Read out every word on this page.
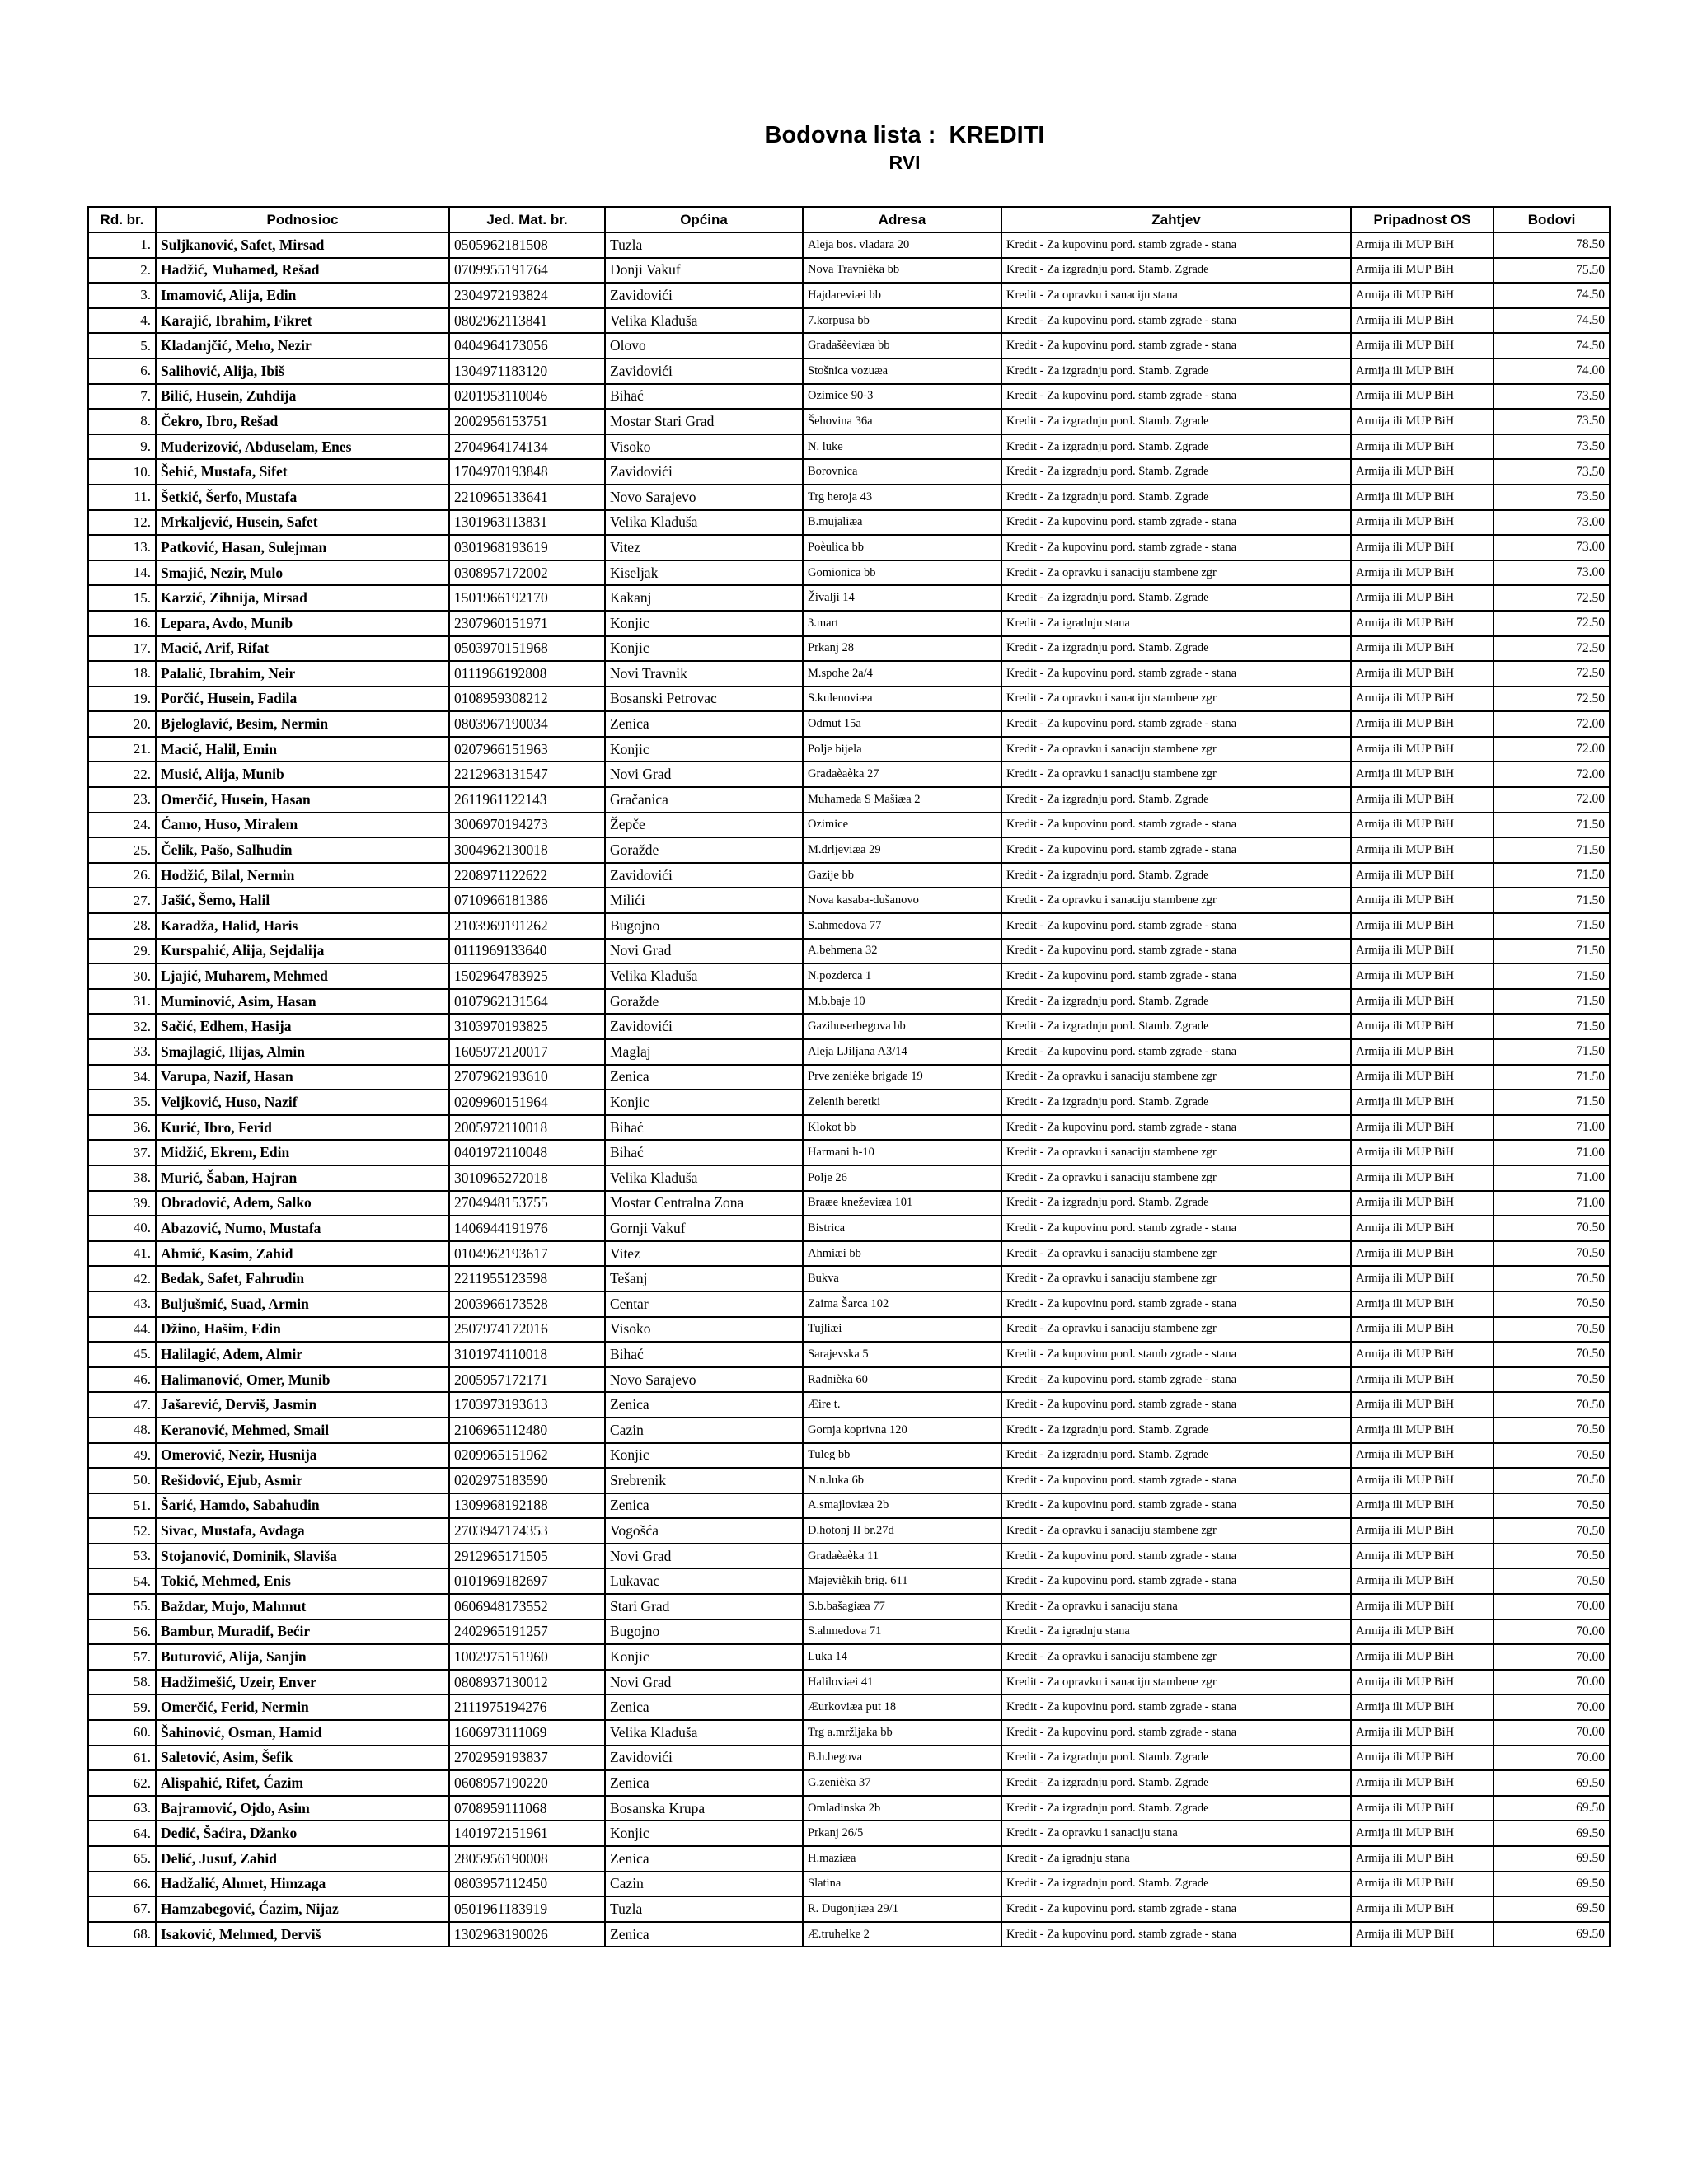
Bodovna lista :  KREDITI
RVI
Rd. br.	Podnosioc	Jed. Mat. br.	Općina	Adresa	Zahtjev	Pripadnost OS	Bodovi
1.	Suljkanović, Safet, Mirsad	0505962181508	Tuzla	Aleja bos. vladara 20	Kredit - Za kupovinu pord. stamb zgrade - stana	Armija ili MUP BiH	78.50
2.	Hadžić, Muhamed, Rešad	0709955191764	Donji Vakuf	Nova Travnièka bb	Kredit - Za izgradnju pord. Stamb. Zgrade	Armija ili MUP BiH	75.50
3.	Imamović, Alija, Edin	2304972193824	Zavidovići	Hajdareviæi bb	Kredit - Za opravku i sanaciju stana	Armija ili MUP BiH	74.50
4.	Karajić, Ibrahim, Fikret	0802962113841	Velika Kladuša	7.korpusa bb	Kredit - Za kupovinu pord. stamb zgrade - stana	Armija ili MUP BiH	74.50
5.	Kladanjčić, Meho, Nezir	0404964173056	Olovo	Gradašèeviæa bb	Kredit - Za kupovinu pord. stamb zgrade - stana	Armija ili MUP BiH	74.50
6.	Salihović, Alija, Ibiš	1304971183120	Zavidovići	Stošnica vozuæa	Kredit - Za izgradnju pord. Stamb. Zgrade	Armija ili MUP BiH	74.00
7.	Bilić, Husein, Zuhdija	0201953110046	Bihać	Ozimice 90-3	Kredit - Za kupovinu pord. stamb zgrade - stana	Armija ili MUP BiH	73.50
8.	Čekro, Ibro, Rešad	2002956153751	Mostar Stari Grad	Šehovina 36a	Kredit - Za izgradnju pord. Stamb. Zgrade	Armija ili MUP BiH	73.50
9.	Muderizović, Abduselam, Enes	2704964174134	Visoko	N. luke	Kredit - Za izgradnju pord. Stamb. Zgrade	Armija ili MUP BiH	73.50
10.	Šehić, Mustafa, Sifet	1704970193848	Zavidovići	Borovnica	Kredit - Za izgradnju pord. Stamb. Zgrade	Armija ili MUP BiH	73.50
11.	Šetkić, Šerfo, Mustafa	2210965133641	Novo Sarajevo	Trg heroja 43	Kredit - Za izgradnju pord. Stamb. Zgrade	Armija ili MUP BiH	73.50
12.	Mrkaljević, Husein, Safet	1301963113831	Velika Kladuša	B.mujaliæa	Kredit - Za kupovinu pord. stamb zgrade - stana	Armija ili MUP BiH	73.00
13.	Patković, Hasan, Sulejman	0301968193619	Vitez	Poèulica bb	Kredit - Za kupovinu pord. stamb zgrade - stana	Armija ili MUP BiH	73.00
14.	Smajić, Nezir, Mulo	0308957172002	Kiseljak	Gomionica bb	Kredit - Za opravku i sanaciju stambene zgr	Armija ili MUP BiH	73.00
15.	Karzić, Zihnija, Mirsad	1501966192170	Kakanj	Živalji 14	Kredit - Za izgradnju pord. Stamb. Zgrade	Armija ili MUP BiH	72.50
16.	Lepara, Avdo, Munib	2307960151971	Konjic	3.mart	Kredit - Za igradnju stana	Armija ili MUP BiH	72.50
17.	Macić, Arif, Rifat	0503970151968	Konjic	Prkanj 28	Kredit - Za izgradnju pord. Stamb. Zgrade	Armija ili MUP BiH	72.50
18.	Palalić, Ibrahim, Neir	0111966192808	Novi Travnik	M.spohe 2a/4	Kredit - Za kupovinu pord. stamb zgrade - stana	Armija ili MUP BiH	72.50
19.	Porčić, Husein, Fadila	0108959308212	Bosanski Petrovac	S.kulenoviæa	Kredit - Za opravku i sanaciju stambene zgr	Armija ili MUP BiH	72.50
20.	Bjeloglavić, Besim, Nermin	0803967190034	Zenica	Odmut 15a	Kredit - Za kupovinu pord. stamb zgrade - stana	Armija ili MUP BiH	72.00
21.	Macić, Halil, Emin	0207966151963	Konjic	Polje bijela	Kredit - Za opravku i sanaciju stambene zgr	Armija ili MUP BiH	72.00
22.	Musić, Alija, Munib	2212963131547	Novi Grad	Gradaèaèka 27	Kredit - Za opravku i sanaciju stambene zgr	Armija ili MUP BiH	72.00
23.	Omerčić, Husein, Hasan	2611961122143	Gračanica	Muhameda S Mašiæa 2	Kredit - Za izgradnju pord. Stamb. Zgrade	Armija ili MUP BiH	72.00
24.	Ćamo, Huso, Miralem	3006970194273	Žepče	Ozimice	Kredit - Za kupovinu pord. stamb zgrade - stana	Armija ili MUP BiH	71.50
25.	Čelik, Pašo, Salhudin	3004962130018	Goražde	M.drljeviæa 29	Kredit - Za kupovinu pord. stamb zgrade - stana	Armija ili MUP BiH	71.50
26.	Hodžić, Bilal, Nermin	2208971122622	Zavidovići	Gazije bb	Kredit - Za izgradnju pord. Stamb. Zgrade	Armija ili MUP BiH	71.50
27.	Jašić, Šemo, Halil	0710966181386	Milići	Nova kasaba-dušanovo	Kredit - Za opravku i sanaciju stambene zgr	Armija ili MUP BiH	71.50
28.	Karadža, Halid, Haris	2103969191262	Bugojno	S.ahmedova 77	Kredit - Za kupovinu pord. stamb zgrade - stana	Armija ili MUP BiH	71.50
29.	Kurspahić, Alija, Sejdalija	0111969133640	Novi Grad	A.behmena 32	Kredit - Za kupovinu pord. stamb zgrade - stana	Armija ili MUP BiH	71.50
30.	Ljajić, Muharem, Mehmed	1502964783925	Velika Kladuša	N.pozderca 1	Kredit - Za kupovinu pord. stamb zgrade - stana	Armija ili MUP BiH	71.50
31.	Muminović, Asim, Hasan	0107962131564	Goražde	M.b.baje 10	Kredit - Za izgradnju pord. Stamb. Zgrade	Armija ili MUP BiH	71.50
32.	Sačić, Edhem, Hasija	3103970193825	Zavidovići	Gazihuserbegova bb	Kredit - Za izgradnju pord. Stamb. Zgrade	Armija ili MUP BiH	71.50
33.	Smajlagić, Ilijas, Almin	1605972120017	Maglaj	Aleja LJiljana A3/14	Kredit - Za kupovinu pord. stamb zgrade - stana	Armija ili MUP BiH	71.50
34.	Varupa, Nazif, Hasan	2707962193610	Zenica	Prve zenièke brigade 19	Kredit - Za opravku i sanaciju stambene zgr	Armija ili MUP BiH	71.50
35.	Veljković, Huso, Nazif	0209960151964	Konjic	Zelenih beretki	Kredit - Za izgradnju pord. Stamb. Zgrade	Armija ili MUP BiH	71.50
36.	Kurić, Ibro, Ferid	2005972110018	Bihać	Klokot bb	Kredit - Za kupovinu pord. stamb zgrade - stana	Armija ili MUP BiH	71.00
37.	Midžić, Ekrem, Edin	0401972110048	Bihać	Harmani h-10	Kredit - Za opravku i sanaciju stambene zgr	Armija ili MUP BiH	71.00
38.	Murić, Šaban, Hajran	3010965272018	Velika Kladuša	Polje 26	Kredit - Za opravku i sanaciju stambene zgr	Armija ili MUP BiH	71.00
39.	Obradović, Adem, Salko	2704948153755	Mostar Centralna Zona	Braæe kneževiæa 101	Kredit - Za izgradnju pord. Stamb. Zgrade	Armija ili MUP BiH	71.00
40.	Abazović, Numo, Mustafa	1406944191976	Gornji Vakuf	Bistrica	Kredit - Za kupovinu pord. stamb zgrade - stana	Armija ili MUP BiH	70.50
41.	Ahmić, Kasim, Zahid	0104962193617	Vitez	Ahmiæi bb	Kredit - Za opravku i sanaciju stambene zgr	Armija ili MUP BiH	70.50
42.	Bedak, Safet, Fahrudin	2211955123598	Tešanj	Bukva	Kredit - Za opravku i sanaciju stambene zgr	Armija ili MUP BiH	70.50
43.	Buljušmić, Suad, Armin	2003966173528	Centar	Zaima Šarca 102	Kredit - Za kupovinu pord. stamb zgrade - stana	Armija ili MUP BiH	70.50
44.	Džino, Hašim, Edin	2507974172016	Visoko	Tujliæi	Kredit - Za opravku i sanaciju stambene zgr	Armija ili MUP BiH	70.50
45.	Halilagić, Adem, Almir	3101974110018	Bihać	Sarajevska 5	Kredit - Za kupovinu pord. stamb zgrade - stana	Armija ili MUP BiH	70.50
46.	Halimanović, Omer, Munib	2005957172171	Novo Sarajevo	Radnièka 60	Kredit - Za kupovinu pord. stamb zgrade - stana	Armija ili MUP BiH	70.50
47.	Jašarević, Derviš, Jasmin	1703973193613	Zenica	Æire t.	Kredit - Za kupovinu pord. stamb zgrade - stana	Armija ili MUP BiH	70.50
48.	Keranović, Mehmed, Smail	2106965112480	Cazin	Gornja koprivna 120	Kredit - Za izgradnju pord. Stamb. Zgrade	Armija ili MUP BiH	70.50
49.	Omerović, Nezir, Husnija	0209965151962	Konjic	Tuleg bb	Kredit - Za izgradnju pord. Stamb. Zgrade	Armija ili MUP BiH	70.50
50.	Rešidović, Ejub, Asmir	0202975183590	Srebrenik	N.n.luka 6b	Kredit - Za kupovinu pord. stamb zgrade - stana	Armija ili MUP BiH	70.50
51.	Šarić, Hamdo, Sabahudin	1309968192188	Zenica	A.smajloviæa 2b	Kredit - Za kupovinu pord. stamb zgrade - stana	Armija ili MUP BiH	70.50
52.	Sivac, Mustafa, Avdaga	2703947174353	Vogošća	D.hotonj II br.27d	Kredit - Za opravku i sanaciju stambene zgr	Armija ili MUP BiH	70.50
53.	Stojanović, Dominik, Slaviša	2912965171505	Novi Grad	Gradaèaèka 11	Kredit - Za kupovinu pord. stamb zgrade - stana	Armija ili MUP BiH	70.50
54.	Tokić, Mehmed, Enis	0101969182697	Lukavac	Majevièkih brig. 611	Kredit - Za kupovinu pord. stamb zgrade - stana	Armija ili MUP BiH	70.50
55.	Baždar, Mujo, Mahmut	0606948173552	Stari Grad	S.b.bašagiæa 77	Kredit - Za opravku i sanaciju stana	Armija ili MUP BiH	70.00
56.	Bambur, Muradif, Bećir	2402965191257	Bugojno	S.ahmedova 71	Kredit - Za igradnju stana	Armija ili MUP BiH	70.00
57.	Buturović, Alija, Sanjin	1002975151960	Konjic	Luka 14	Kredit - Za opravku i sanaciju stambene zgr	Armija ili MUP BiH	70.00
58.	Hadžimešić, Uzeir, Enver	0808937130012	Novi Grad	Haliloviæi 41	Kredit - Za opravku i sanaciju stambene zgr	Armija ili MUP BiH	70.00
59.	Omerčić, Ferid, Nermin	2111975194276	Zenica	Æurkoviæa put 18	Kredit - Za kupovinu pord. stamb zgrade - stana	Armija ili MUP BiH	70.00
60.	Šahinović, Osman, Hamid	1606973111069	Velika Kladuša	Trg a.mržljaka bb	Kredit - Za kupovinu pord. stamb zgrade - stana	Armija ili MUP BiH	70.00
61.	Saletović, Asim, Šefik	2702959193837	Zavidovići	B.h.begova	Kredit - Za izgradnju pord. Stamb. Zgrade	Armija ili MUP BiH	70.00
62.	Alispahić, Rifet, Ćazim	0608957190220	Zenica	G.zenièka 37	Kredit - Za izgradnju pord. Stamb. Zgrade	Armija ili MUP BiH	69.50
63.	Bajramović, Ojdo, Asim	0708959111068	Bosanska Krupa	Omladinska 2b	Kredit - Za izgradnju pord. Stamb. Zgrade	Armija ili MUP BiH	69.50
64.	Dedić, Šaćira, Džanko	1401972151961	Konjic	Prkanj 26/5	Kredit - Za opravku i sanaciju stana	Armija ili MUP BiH	69.50
65.	Delić, Jusuf, Zahid	2805956190008	Zenica	H.maziæa	Kredit - Za igradnju stana	Armija ili MUP BiH	69.50
66.	Hadžalić, Ahmet, Himzaga	0803957112450	Cazin	Slatina	Kredit - Za izgradnju pord. Stamb. Zgrade	Armija ili MUP BiH	69.50
67.	Hamzabegović, Ćazim, Nijaz	0501961183919	Tuzla	R. Dugonjiæa 29/1	Kredit - Za kupovinu pord. stamb zgrade - stana	Armija ili MUP BiH	69.50
68.	Isaković, Mehmed, Derviš	1302963190026	Zenica	Æ.truhelke 2	Kredit - Za kupovinu pord. stamb zgrade - stana	Armija ili MUP BiH	69.50
